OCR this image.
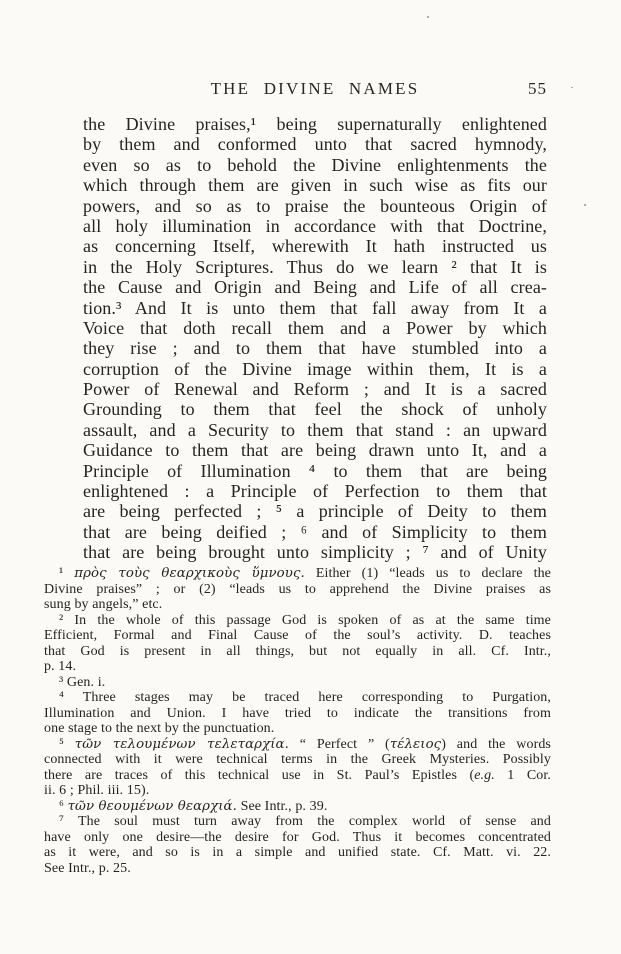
THE DIVINE NAMES	55
the Divine praises,¹ being supernaturally enlightened
by them and conformed unto that sacred hymnody,
even so as to behold the Divine enlightenments the
which through them are given in such wise as fits our
powers, and so as to praise the bounteous Origin of
all holy illumination in accordance with that Doctrine,
as concerning Itself, wherewith It hath instructed us
in the Holy Scriptures. Thus do we learn ² that It is
the Cause and Origin and Being and Life of all crea-
tion.³ And It is unto them that fall away from It a
Voice that doth recall them and a Power by which
they rise ; and to them that have stumbled into a
corruption of the Divine image within them, It is a
Power of Renewal and Reform ; and It is a sacred
Grounding to them that feel the shock of unholy
assault, and a Security to them that stand : an upward
Guidance to them that are being drawn unto It, and a
Principle of Illumination ⁴ to them that are being
enlightened : a Principle of Perfection to them that
are being perfected ; ⁵ a principle of Deity to them
that are being deified ; ⁶ and of Simplicity to them
that are being brought unto simplicity ; ⁷ and of Unity
¹ πρὸς τοὺς θεαρχικοὺς ὕμνους. Either (1) “leads us to declare the
Divine praises” ; or (2) “leads us to apprehend the Divine praises as
sung by angels,” etc.
² In the whole of this passage God is spoken of as at the same time
Efficient, Formal and Final Cause of the soul’s activity. D. teaches
that God is present in all things, but not equally in all. Cf. Intr.,
p. 14.
³ Gen. i.
⁴ Three stages may be traced here corresponding to Purgation,
Illumination and Union. I have tried to indicate the transitions from
one stage to the next by the punctuation.
⁵ τῶν τελουμένων τελεταρχία. “ Perfect ” (τέλειος) and the words
connected with it were technical terms in the Greek Mysteries. Possibly
there are traces of this technical use in St. Paul’s Epistles (e.g. 1 Cor.
ii. 6 ; Phil. iii. 15).
⁶ τῶν θεουμένων θεαρχιά. See Intr., p. 39.
⁷ The soul must turn away from the complex world of sense and
have only one desire—the desire for God. Thus it becomes concentrated
as it were, and so is in a simple and unified state. Cf. Matt. vi. 22.
See Intr., p. 25.
